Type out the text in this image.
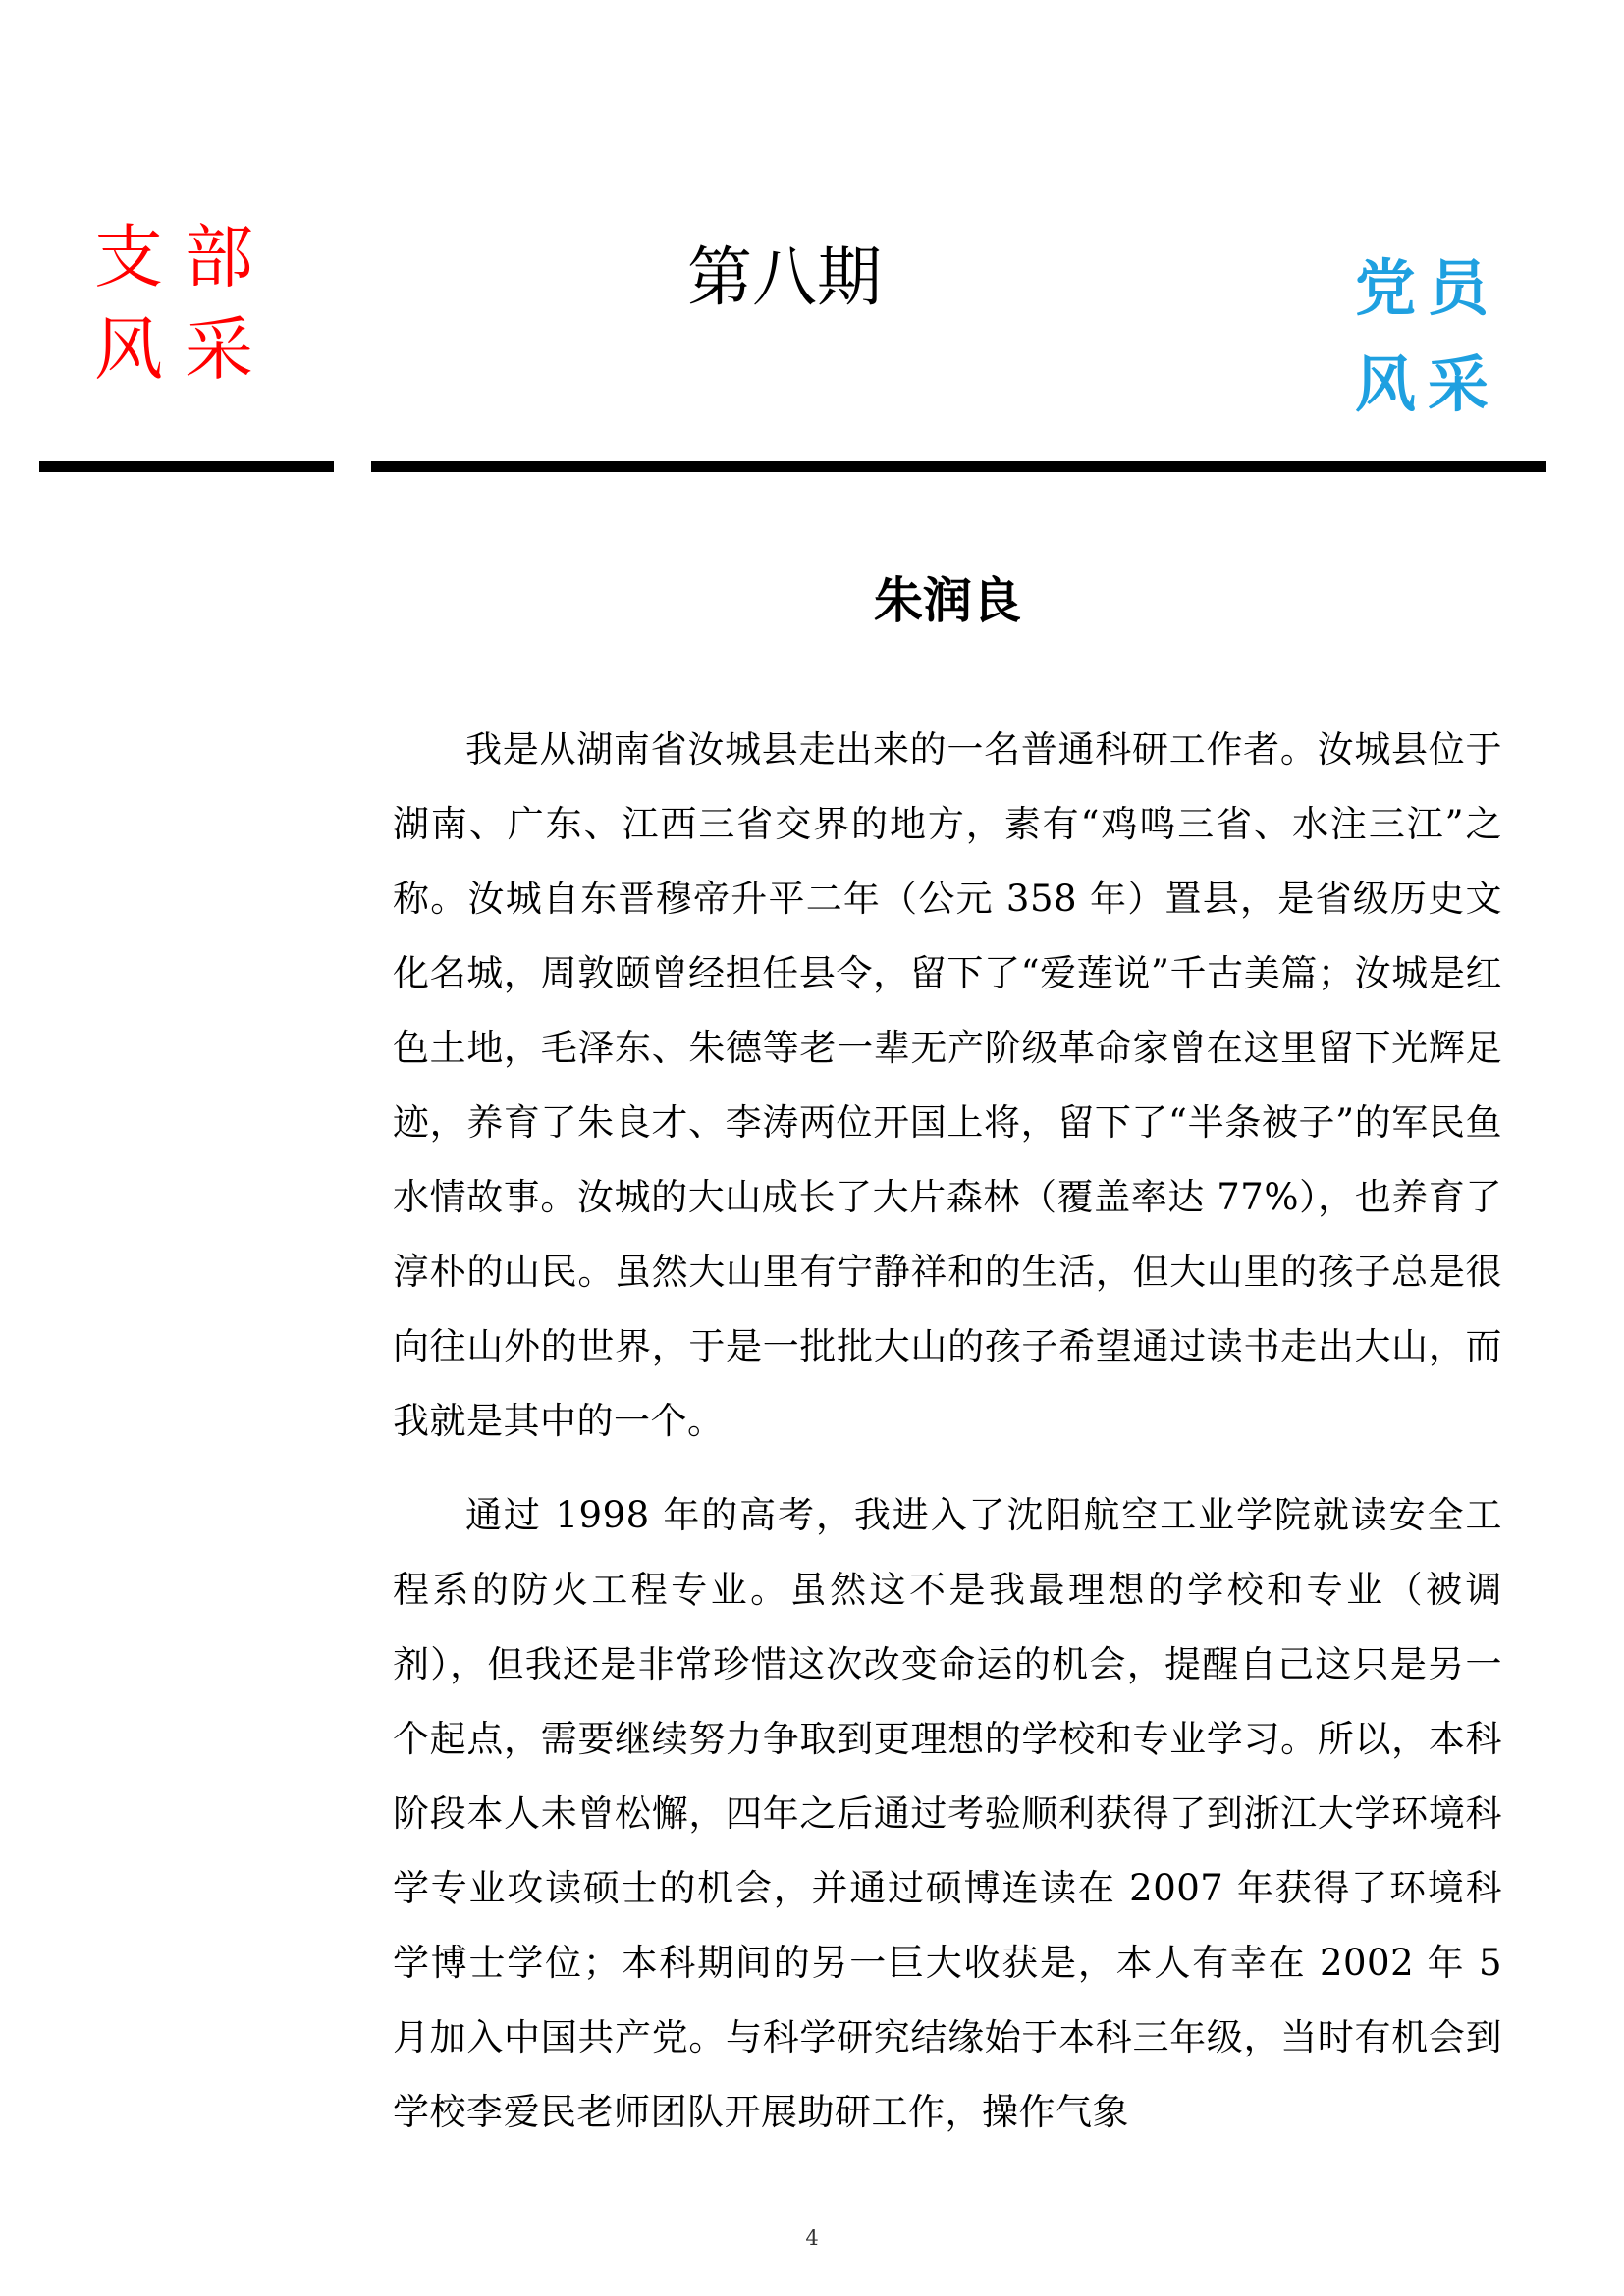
支部
风采
第八期	党员
风采
朱润良

我是从湖南省汝城县走出来的一名普通科研工作者。汝城县位于湖南、广东、江西三省交界的地方，素有“鸡鸣三省、水注三江”之称。汝城自东晋穆帝升平二年（公元 358 年）置县，是省级历史文化名城，周敦颐曾经担任县令，留下了“爱莲说”千古美篇；汝城是红色土地，毛泽东、朱德等老一辈无产阶级革命家曾在这里留下光辉足迹，养育了朱良才、李涛两位开国上将，留下了“半条被子”的军民鱼水情故事。汝城的大山成长了大片森林（覆盖率达 77%），也养育了淳朴的山民。虽然大山里有宁静祥和的生活，但大山里的孩子总是很向往山外的世界，于是一批批大山的孩子希望通过读书走出大山，而我就是其中的一个。

通过 1998 年的高考，我进入了沈阳航空工业学院就读安全工程系的防火工程专业。虽然这不是我最理想的学校和专业（被调剂），但我还是非常珍惜这次改变命运的机会，提醒自己这只是另一个起点，需要继续努力争取到更理想的学校和专业学习。所以，本科阶段本人未曾松懈，四年之后通过考验顺利获得了到浙江大学环境科学专业攻读硕士的机会，并通过硕博连读在 2007 年获得了环境科学博士学位；本科期间的另一巨大收获是，本人有幸在 2002 年 5 月加入中国共产党。与科学研究结缘始于本科三年级，当时有机会到学校李爱民老师团队开展助研工作，操作气象

4
